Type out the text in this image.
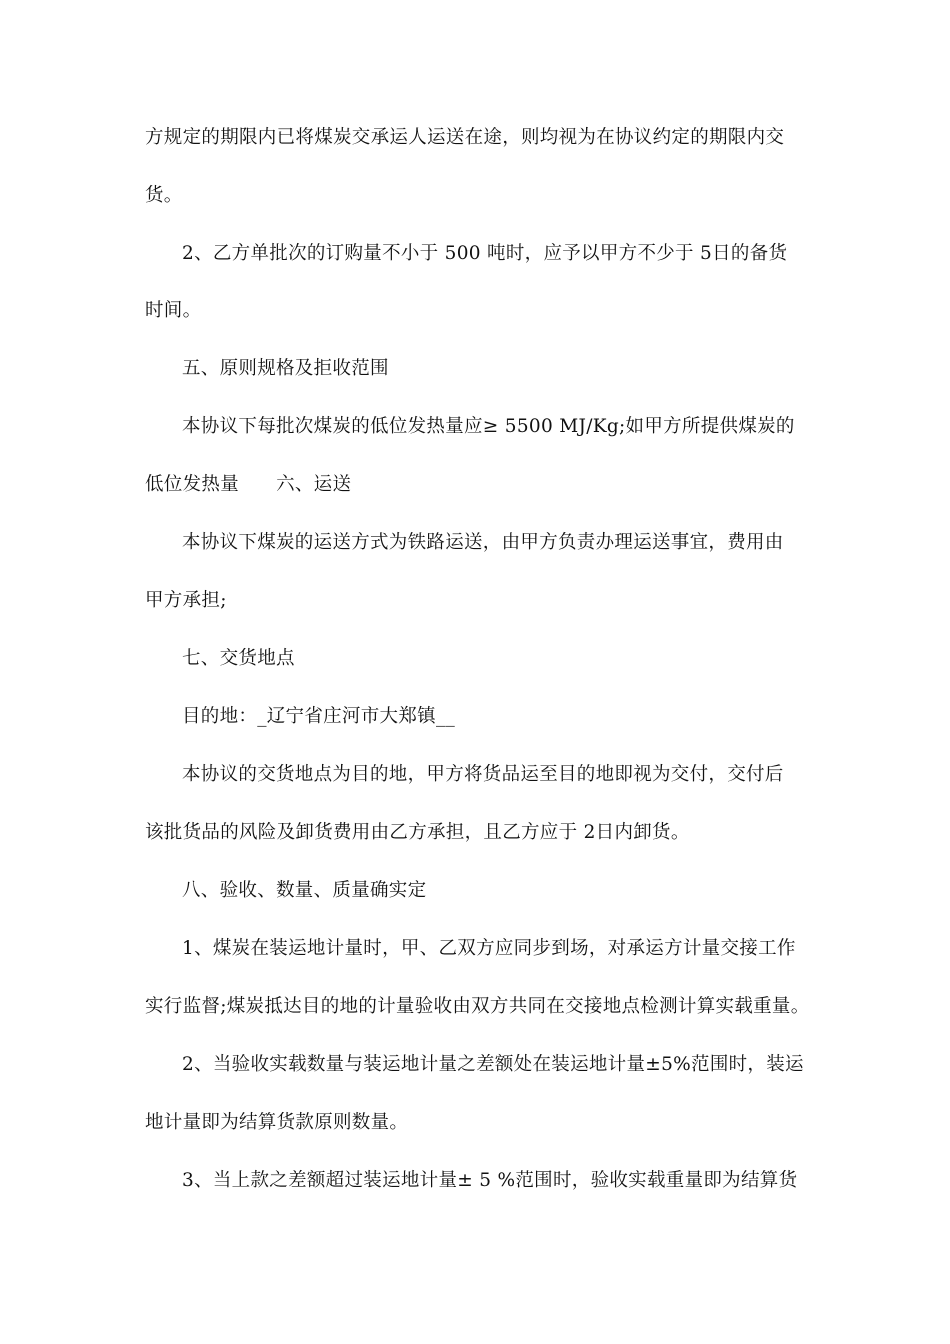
方规定的期限内已将煤炭交承运人运送在途，则均视为在协议约定的期限内交
货。
2、乙方单批次的订购量不小于 500 吨时，应予以甲方不少于 5日的备货
时间。
五、原则规格及拒收范围
本协议下每批次煤炭的低位发热量应≥ 5500 MJ/Kg;如甲方所提供煤炭的
低位发热量      六、运送
本协议下煤炭的运送方式为铁路运送，由甲方负责办理运送事宜，费用由
甲方承担;
七、交货地点
目的地：_辽宁省庄河市大郑镇__
本协议的交货地点为目的地，甲方将货品运至目的地即视为交付，交付后
该批货品的风险及卸货费用由乙方承担，且乙方应于 2日内卸货。
八、验收、数量、质量确实定
1、煤炭在装运地计量时，甲、乙双方应同步到场，对承运方计量交接工作
实行监督;煤炭抵达目的地的计量验收由双方共同在交接地点检测计算实载重量。
2、当验收实载数量与装运地计量之差额处在装运地计量±5%范围时，装运
地计量即为结算货款原则数量。
3、当上款之差额超过装运地计量± 5 %范围时，验收实载重量即为结算货
